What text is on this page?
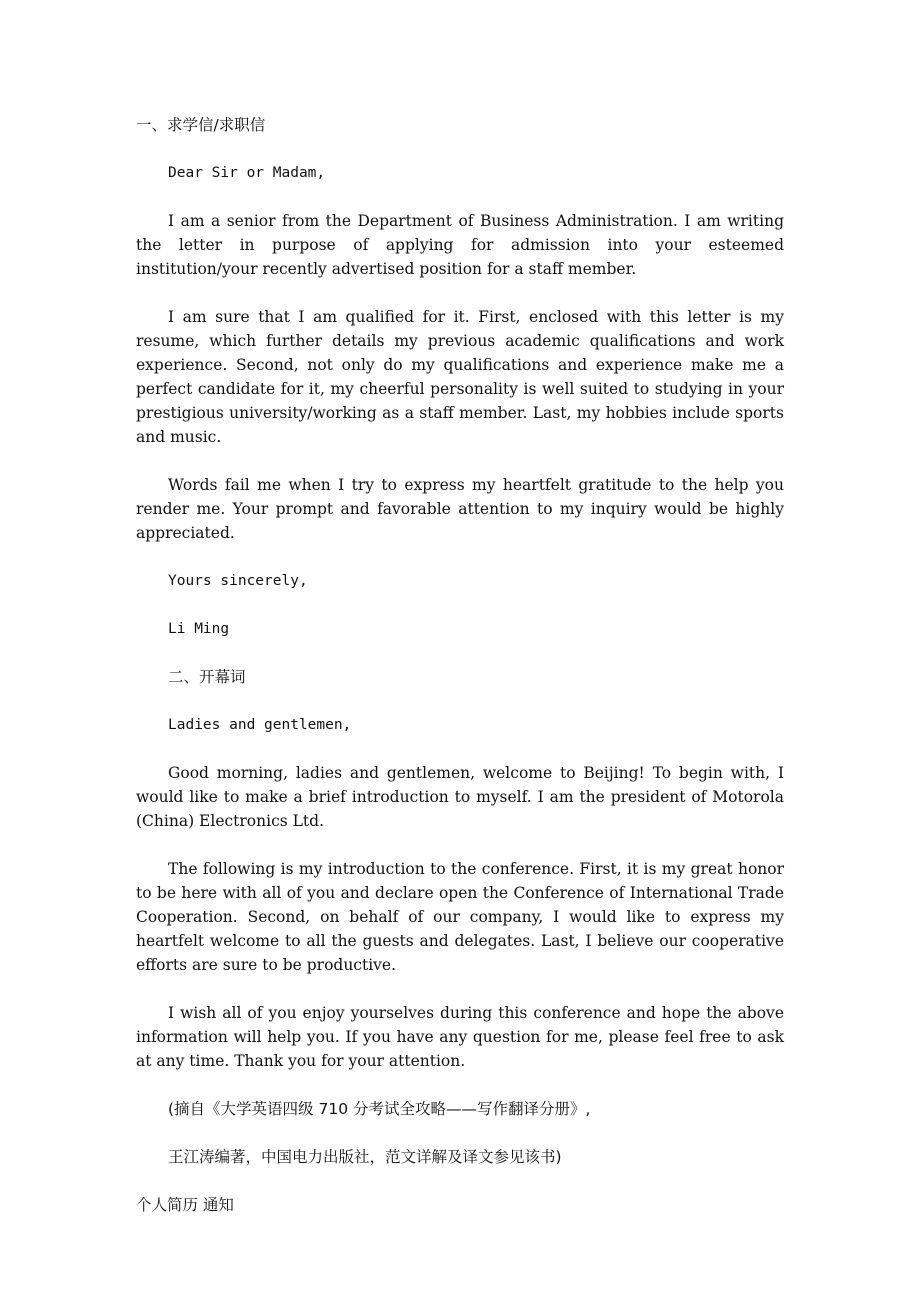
一、求学信/求职信

Dear Sir or Madam,

I am a senior from the Department of Business Administration. I am writing the letter in purpose of applying for admission into your esteemed institution/your recently advertised position for a staff member.

I am sure that I am qualified for it. First, enclosed with this letter is my resume, which further details my previous academic qualifications and work experience. Second, not only do my qualifications and experience make me a perfect candidate for it, my cheerful personality is well suited to studying in your prestigious university/working as a staff member. Last, my hobbies include sports and music.

Words fail me when I try to express my heartfelt gratitude to the help you render me. Your prompt and favorable attention to my inquiry would be highly appreciated.

Yours sincerely,

Li Ming

二、开幕词

Ladies and gentlemen,

Good morning, ladies and gentlemen, welcome to Beijing! To begin with, I would like to make a brief introduction to myself. I am the president of Motorola (China) Electronics Ltd.

The following is my introduction to the conference. First, it is my great honor to be here with all of you and declare open the Conference of International Trade Cooperation. Second, on behalf of our company, I would like to express my heartfelt welcome to all the guests and delegates. Last, I believe our cooperative efforts are sure to be productive.

I wish all of you enjoy yourselves during this conference and hope the above information will help you. If you have any question for me, please feel free to ask at any time. Thank you for your attention.

(摘自《大学英语四级 710 分考试全攻略——写作翻译分册》,

王江涛编著，中国电力出版社，范文详解及译文参见该书)

个人简历 通知
